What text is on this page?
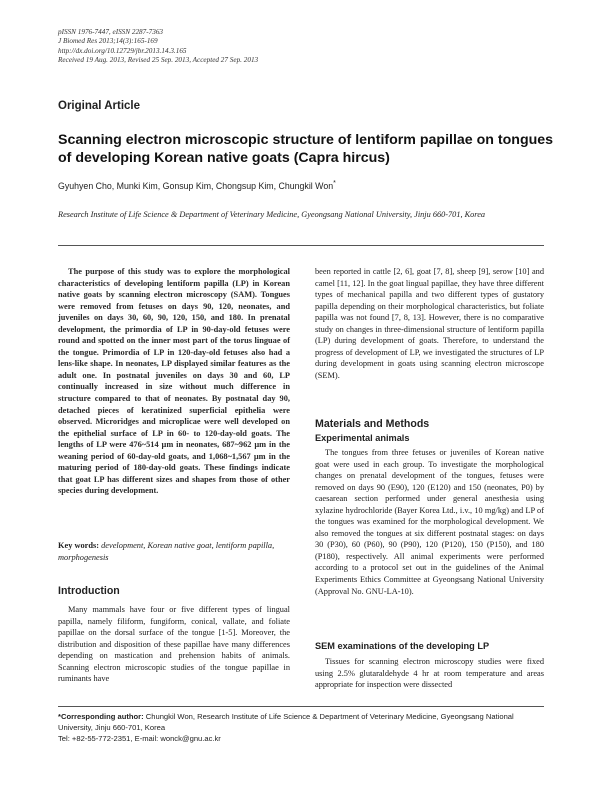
pISSN 1976-7447, eISSN 2287-7363
J Biomed Res 2013;14(3):165-169
http://dx.doi.org/10.12729/jbr.2013.14.3.165
Received 19 Aug. 2013, Revised 25 Sep. 2013, Accepted 27 Sep. 2013
Original Article
Scanning electron microscopic structure of lentiform papillae on tongues of developing Korean native goats (Capra hircus)
Gyuhyen Cho, Munki Kim, Gonsup Kim, Chongsup Kim, Chungkil Won*
Research Institute of Life Science & Department of Veterinary Medicine, Gyeongsang National University, Jinju 660-701, Korea
The purpose of this study was to explore the morphological characteristics of developing lentiform papilla (LP) in Korean native goats by scanning electron microscopy (SAM). Tongues were removed from fetuses on days 90, 120, neonates, and juveniles on days 30, 60, 90, 120, 150, and 180. In prenatal development, the primordia of LP in 90-day-old fetuses were round and spotted on the inner most part of the torus linguae of the tongue. Primordia of LP in 120-day-old fetuses also had a lens-like shape. In neonates, LP displayed similar features as the adult one. In postnatal juveniles on days 30 and 60, LP continually increased in size without much difference in structure compared to that of neonates. By postnatal day 90, detached pieces of keratinized superficial epithelia were observed. Microridges and microplicae were well developed on the epithelial surface of LP in 60- to 120-day-old goats. The lengths of LP were 476~514 µm in neonates, 687~962 µm in the weaning period of 60-day-old goats, and 1,068~1,567 µm in the maturing period of 180-day-old goats. These findings indicate that goat LP has different sizes and shapes from those of other species during development.
Key words: development, Korean native goat, lentiform papilla, morphogenesis
Introduction
Many mammals have four or five different types of lingual papilla, namely filiform, fungiform, conical, vallate, and foliate papillae on the dorsal surface of the tongue [1-5]. Moreover, the distribution and disposition of these papillae have many differences depending on mastication and prehension habits of animals. Scanning electron microscopic studies of the tongue papillae in ruminants have
been reported in cattle [2, 6], goat [7, 8], sheep [9], serow [10] and camel [11, 12]. In the goat lingual papillae, they have three different types of mechanical papilla and two different types of gustatory papilla depending on their morphological characteristics, but foliate papilla was not found [7, 8, 13]. However, there is no comparative study on changes in three-dimensional structure of lentiform papilla (LP) during development of goats. Therefore, to understand the progress of development of LP, we investigated the structures of LP during development in goats using scanning electron microscope (SEM).
Materials and Methods
Experimental animals
The tongues from three fetuses or juveniles of Korean native goat were used in each group. To investigate the morphological changes on prenatal development of the tongues, fetuses were removed on days 90 (E90), 120 (E120) and 150 (neonates, P0) by caesarean section performed under general anesthesia using xylazine hydrochloride (Bayer Korea Ltd., i.v., 10 mg/kg) and LP of the tongues was examined for the morphological development. We also removed the tongues at six different postnatal stages: on days 30 (P30), 60 (P60), 90 (P90), 120 (P120), 150 (P150), and 180 (P180), respectively. All animal experiments were performed according to a protocol set out in the guidelines of the Animal Experiments Ethics Committee at Gyeongsang National University (Approval No. GNU-LA-10).
SEM examinations of the developing LP
Tissues for scanning electron microscopy studies were fixed using 2.5% glutaraldehyde 4 hr at room temperature and areas appropriate for inspection were dissected
*Corresponding author: Chungkil Won, Research Institute of Life Science & Department of Veterinary Medicine, Gyeongsang National University, Jinju 660-701, Korea
Tel: +82-55-772-2351, E-mail: wonck@gnu.ac.kr
